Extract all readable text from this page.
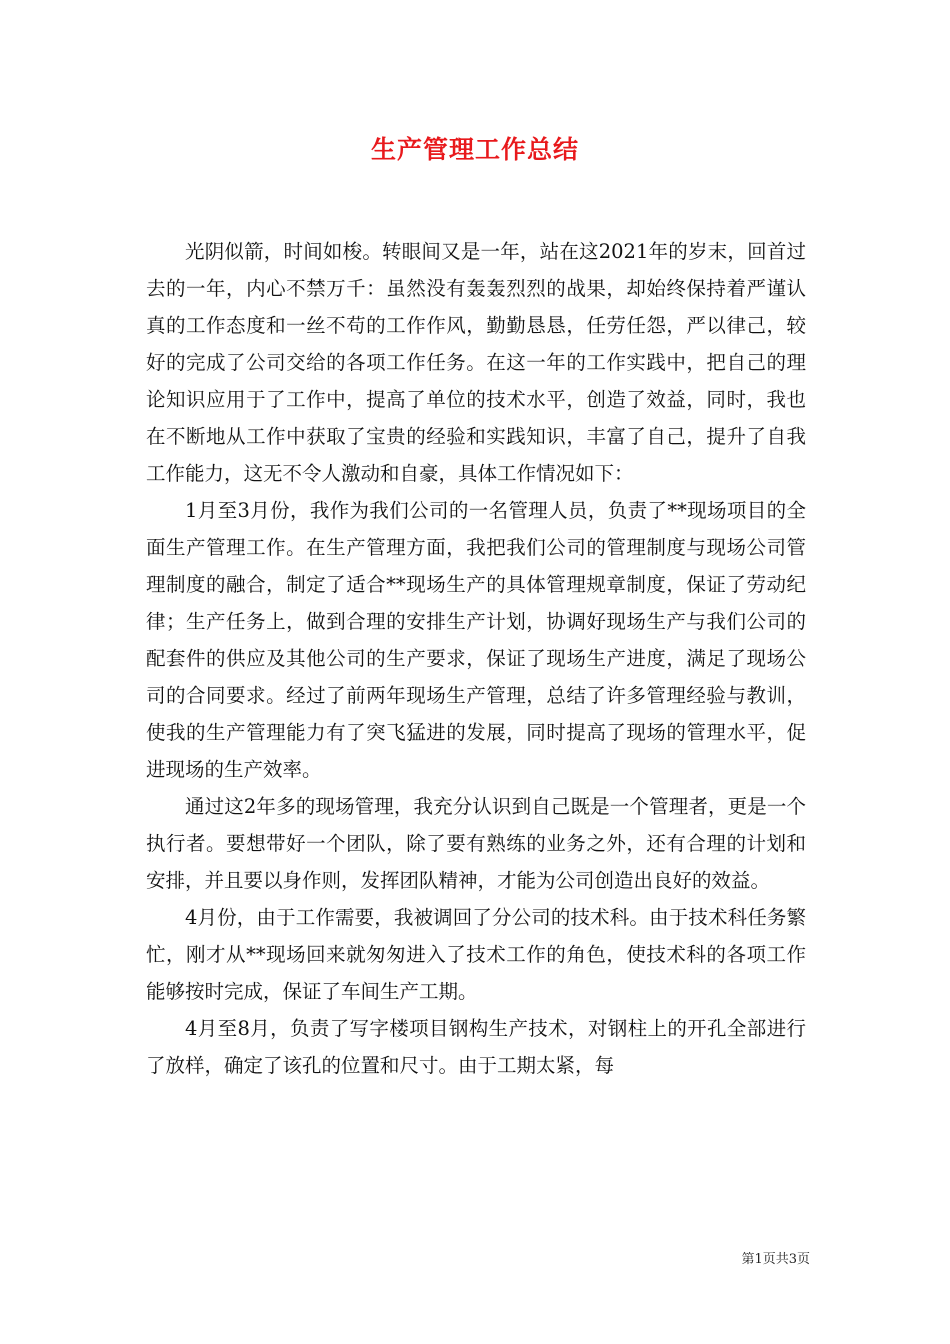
生产管理工作总结

光阴似箭，时间如梭。转眼间又是一年，站在这2021年的岁末，回首过去的一年，内心不禁万千：虽然没有轰轰烈烈的战果，却始终保持着严谨认真的工作态度和一丝不苟的工作作风，勤勤恳恳，任劳任怨，严以律己，较好的完成了公司交给的各项工作任务。在这一年的工作实践中，把自己的理论知识应用于了工作中，提高了单位的技术水平，创造了效益，同时，我也在不断地从工作中获取了宝贵的经验和实践知识，丰富了自己，提升了自我工作能力，这无不令人激动和自豪，具体工作情况如下：

1月至3月份，我作为我们公司的一名管理人员，负责了**现场项目的全面生产管理工作。在生产管理方面，我把我们公司的管理制度与现场公司管理制度的融合，制定了适合**现场生产的具体管理规章制度，保证了劳动纪律；生产任务上，做到合理的安排生产计划，协调好现场生产与我们公司的配套件的供应及其他公司的生产要求，保证了现场生产进度，满足了现场公司的合同要求。经过了前两年现场生产管理，总结了许多管理经验与教训，使我的生产管理能力有了突飞猛进的发展，同时提高了现场的管理水平，促进现场的生产效率。

通过这2年多的现场管理，我充分认识到自己既是一个管理者，更是一个执行者。要想带好一个团队，除了要有熟练的业务之外，还有合理的计划和安排，并且要以身作则，发挥团队精神，才能为公司创造出良好的效益。

4月份，由于工作需要，我被调回了分公司的技术科。由于技术科任务繁忙，刚才从**现场回来就匆匆进入了技术工作的角色，使技术科的各项工作能够按时完成，保证了车间生产工期。

4月至8月，负责了写字楼项目钢构生产技术，对钢柱上的开孔全部进行了放样，确定了该孔的位置和尺寸。由于工期太紧，每

第1页共3页
